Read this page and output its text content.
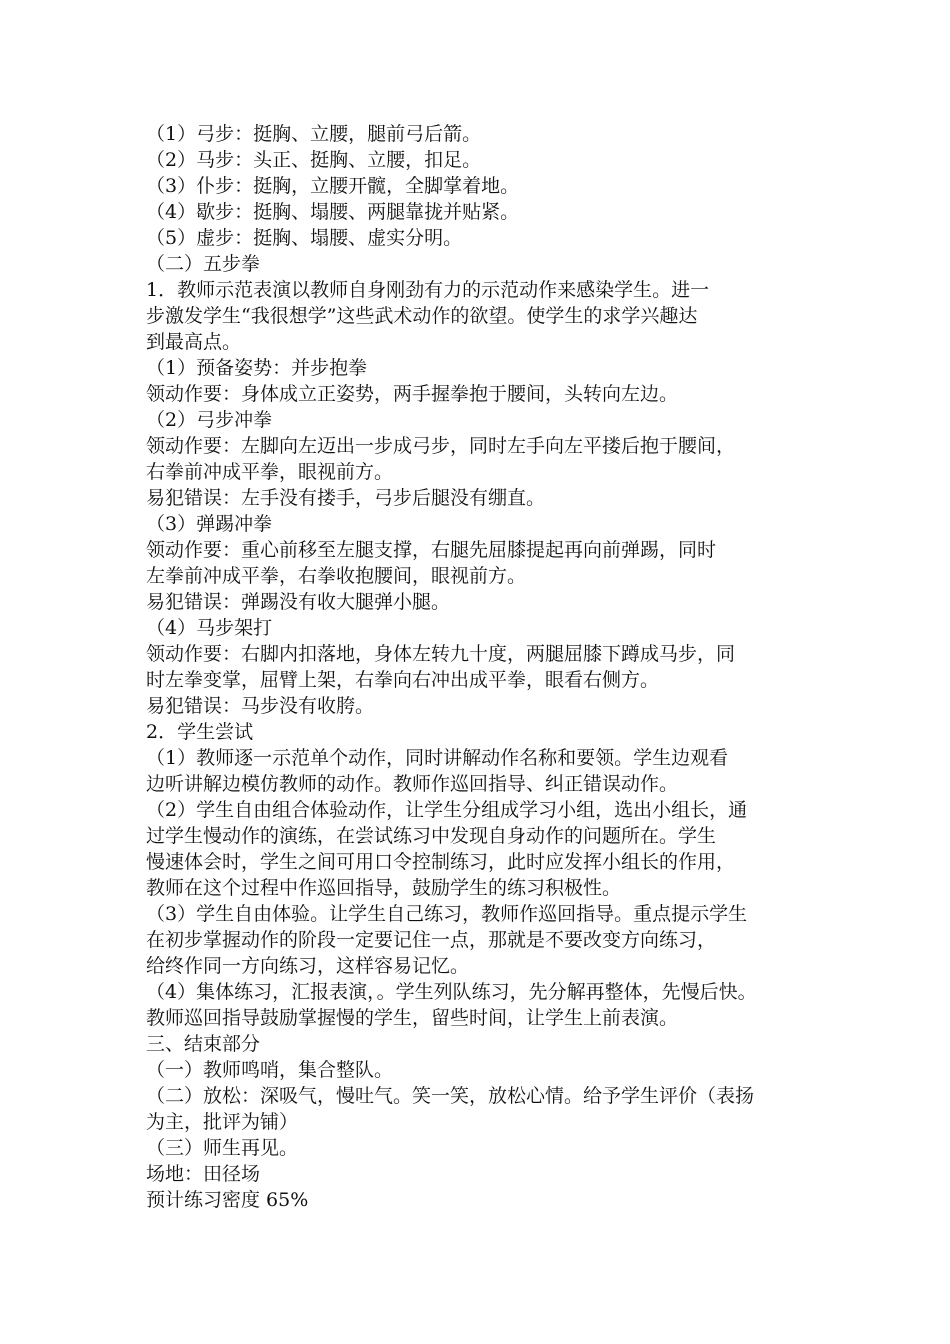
（1）弓步：挺胸、立腰，腿前弓后箭。

（2）马步：头正、挺胸、立腰，扣足。

（3）仆步：挺胸，立腰开髋，全脚掌着地。

（4）歇步：挺胸、塌腰、两腿靠拢并贴紧。

（5）虚步：挺胸、塌腰、虚实分明。

（二）五步拳

1．教师示范表演以教师自身刚劲有力的示范动作来感染学生。进一
步激发学生“我很想学”这些武术动作的欲望。使学生的求学兴趣达
到最高点。

（1）预备姿势：并步抱拳

领动作要：身体成立正姿势，两手握拳抱于腰间，头转向左边。

（2）弓步冲拳

领动作要：左脚向左迈出一步成弓步，同时左手向左平搂后抱于腰间，
右拳前冲成平拳，眼视前方。

易犯错误：左手没有搂手，弓步后腿没有绷直。

（3）弹踢冲拳

领动作要：重心前移至左腿支撑，右腿先屈膝提起再向前弹踢，同时
左拳前冲成平拳，右拳收抱腰间，眼视前方。

易犯错误：弹踢没有收大腿弹小腿。

（4）马步架打

领动作要：右脚内扣落地，身体左转九十度，两腿屈膝下蹲成马步，同
时左拳变掌，屈臂上架，右拳向右冲出成平拳，眼看右侧方。

易犯错误：马步没有收胯。

2．学生尝试

（1）教师逐一示范单个动作，同时讲解动作名称和要领。学生边观看
边听讲解边模仿教师的动作。教师作巡回指导、纠正错误动作。

（2）学生自由组合体验动作，让学生分组成学习小组，选出小组长，通
过学生慢动作的演练，在尝试练习中发现自身动作的问题所在。学生
慢速体会时，学生之间可用口令控制练习，此时应发挥小组长的作用，
教师在这个过程中作巡回指导，鼓励学生的练习积极性。

（3）学生自由体验。让学生自己练习，教师作巡回指导。重点提示学生
在初步掌握动作的阶段一定要记住一点，那就是不要改变方向练习，
给终作同一方向练习，这样容易记忆。

（4）集体练习，汇报表演，。学生列队练习，先分解再整体，先慢后快。
教师巡回指导鼓励掌握慢的学生，留些时间，让学生上前表演。

三、结束部分

（一）教师鸣哨，集合整队。

（二）放松：深吸气，慢吐气。笑一笑，放松心情。给予学生评价（表扬
为主，批评为铺）

（三）师生再见。

场地：田径场

预计练习密度 65%
